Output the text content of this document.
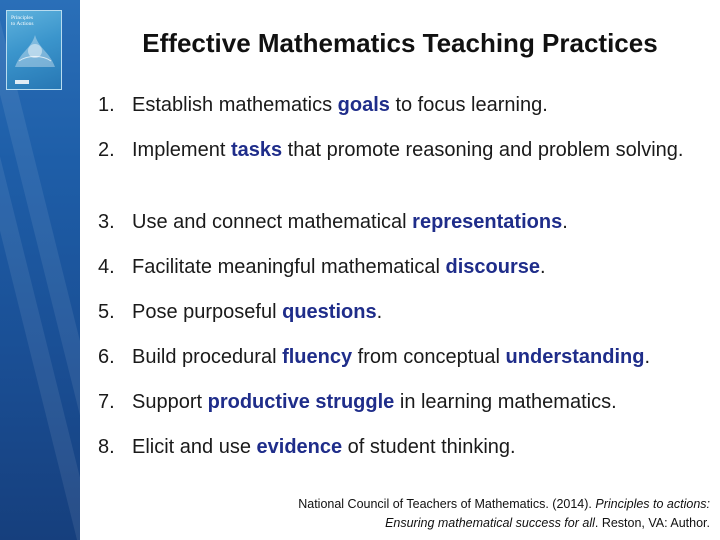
Principles
to Actions
Effective Mathematics Teaching Practices
1. Establish mathematics goals to focus learning.
2. Implement tasks that promote reasoning and problem solving.
3. Use and connect mathematical representations.
4. Facilitate meaningful mathematical discourse.
5. Pose purposeful questions.
6. Build procedural fluency from conceptual understanding.
7. Support productive struggle in learning mathematics.
8. Elicit and use evidence of student thinking.
National Council of Teachers of Mathematics. (2014). Principles to actions:
Ensuring mathematical success for all. Reston, VA: Author.
